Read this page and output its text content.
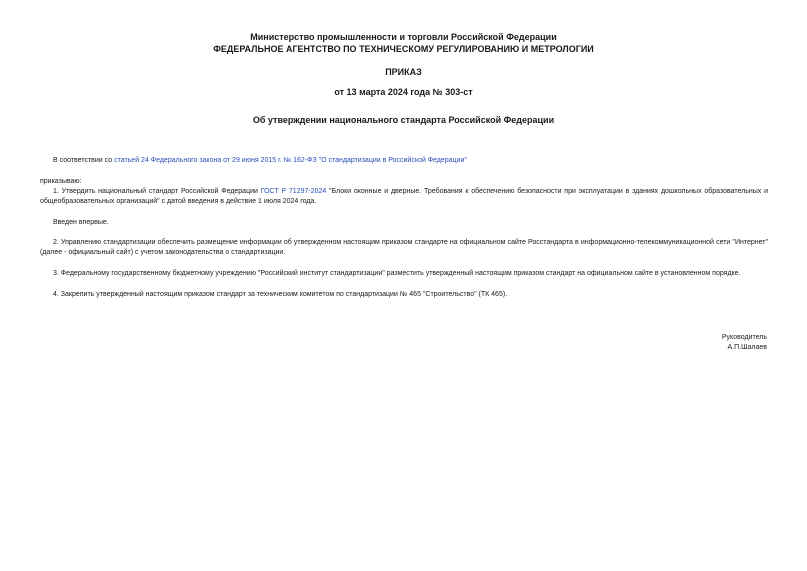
Министерство промышленности и торговли Российской Федерации
ФЕДЕРАЛЬНОЕ АГЕНТСТВО ПО ТЕХНИЧЕСКОМУ РЕГУЛИРОВАНИЮ И МЕТРОЛОГИИ
ПРИКАЗ
от 13 марта 2024 года № 303-ст
Об утверждении национального стандарта Российской Федерации
В соответствии со статьей 24 Федерального закона от 29 июня 2015 г. № 162-ФЗ "О стандартизации в Российской Федерации"
приказываю:
1. Утвердить национальный стандарт Российской Федерации ГОСТ Р 71297-2024 "Блоки оконные и дверные. Требования к обеспечению безопасности при эксплуатации в зданиях дошкольных образовательных и общеобразовательных организаций" с датой введения в действие 1 июля 2024 года.
Введен впервые.
2. Управлению стандартизации обеспечить размещение информации об утвержденном настоящим приказом стандарте на официальном сайте Росстандарта в информационно-телекоммуникационной сети "Интернет" (далее - официальный сайт) с учетом законодательства о стандартизации.
3. Федеральному государственному бюджетному учреждению "Российский институт стандартизации" разместить утвержденный настоящим приказом стандарт на официальном сайте в установленном порядке.
4. Закрепить утвержденный настоящим приказом стандарт за техническим комитетом по стандартизации № 465 "Строительство" (ТК 465).
Руководитель
А.П.Шалаев
